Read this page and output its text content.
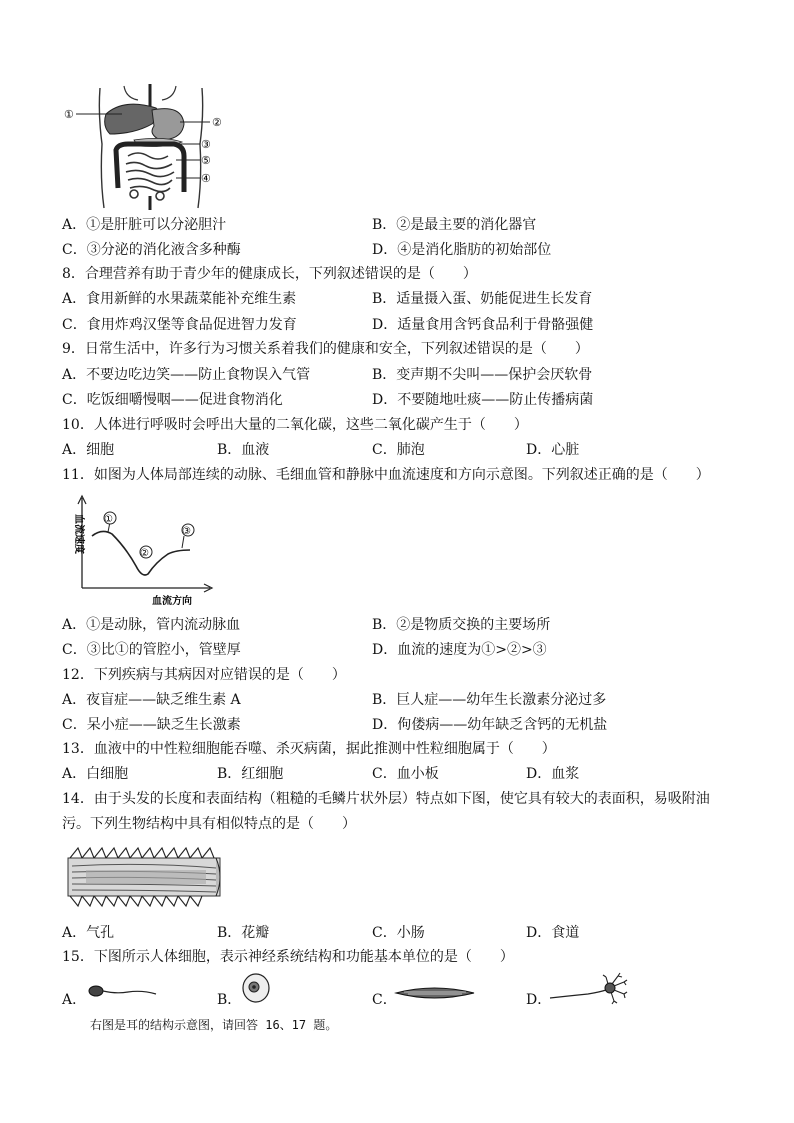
①
②
③
⑤
④
A．①是肝脏可以分泌胆汁	B．②是最主要的消化器官
C．③分泌的消化液含多种酶	D．④是消化脂肪的初始部位
8．合理营养有助于青少年的健康成长，下列叙述错误的是（　　）
A．食用新鲜的水果蔬菜能补充维生素	B．适量摄入蛋、奶能促进生长发育
C．食用炸鸡汉堡等食品促进智力发育	D．适量食用含钙食品利于骨骼强健
9．日常生活中，许多行为习惯关系着我们的健康和安全，下列叙述错误的是（　　）
A．不要边吃边笑——防止食物误入气管	B．变声期不尖叫——保护会厌软骨
C．吃饭细嚼慢咽——促进食物消化	D．不要随地吐痰——防止传播病菌
10．人体进行呼吸时会呼出大量的二氧化碳，这些二氧化碳产生于（　　）
A．细胞	B．血液	C．肺泡	D．心脏
11．如图为人体局部连续的动脉、毛细血管和静脉中血流速度和方向示意图。下列叙述正确的是（　　）
血流速度 ①
②
③
血流方向
A．①是动脉，管内流动脉血	B．②是物质交换的主要场所
C．③比①的管腔小，管壁厚	D．血流的速度为①>②>③
12．下列疾病与其病因对应错误的是（　　）
A．夜盲症——缺乏维生素 A	B．巨人症——幼年生长激素分泌过多
C．呆小症——缺乏生长激素	D．佝偻病——幼年缺乏含钙的无机盐
13．血液中的中性粒细胞能吞噬、杀灭病菌，据此推测中性粒细胞属于（　　）
A．白细胞	B．红细胞	C．血小板	D．血浆
14．由于头发的长度和表面结构（粗糙的毛鳞片状外层）特点如下图，使它具有较大的表面积，易吸附油
污。下列生物结构中具有相似特点的是（　　）
A．气孔	B．花瓣	C．小肠	D．食道
15．下图所示人体细胞，表示神经系统结构和功能基本单位的是（　　）
A．	B．	C．	D．
右图是耳的结构示意图，请回答 16、17 题。
